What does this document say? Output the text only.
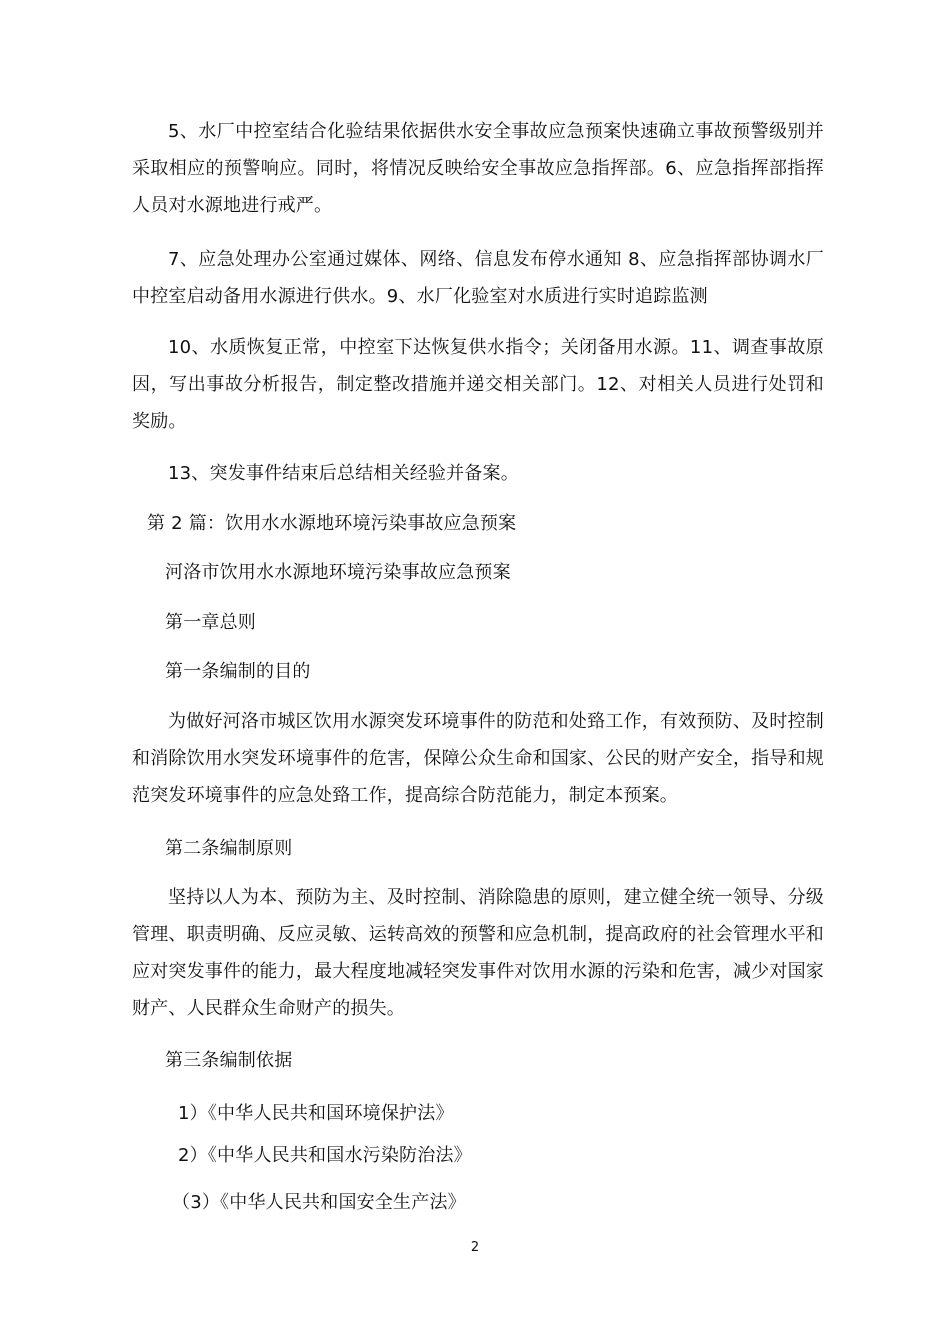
5、水厂中控室结合化验结果依据供水安全事故应急预案快速确立事故预警级别并采取相应的预警响应。同时，将情况反映给安全事故应急指挥部。6、应急指挥部指挥人员对水源地进行戒严。

7、应急处理办公室通过媒体、网络、信息发布停水通知 8、应急指挥部协调水厂中控室启动备用水源进行供水。9、水厂化验室对水质进行实时追踪监测

10、水质恢复正常，中控室下达恢复供水指令；关闭备用水源。11、调查事故原因，写出事故分析报告，制定整改措施并递交相关部门。12、对相关人员进行处罚和奖励。

13、突发事件结束后总结相关经验并备案。

第 2 篇：饮用水水源地环境污染事故应急预案

河洛市饮用水水源地环境污染事故应急预案

第一章总则

第一条编制的目的

为做好河洛市城区饮用水源突发环境事件的防范和处臵工作，有效预防、及时控制和消除饮用水突发环境事件的危害，保障公众生命和国家、公民的财产安全，指导和规范突发环境事件的应急处臵工作，提高综合防范能力，制定本预案。

第二条编制原则

坚持以人为本、预防为主、及时控制、消除隐患的原则，建立健全统一领导、分级管理、职责明确、反应灵敏、运转高效的预警和应急机制，提高政府的社会管理水平和应对突发事件的能力，最大程度地减轻突发事件对饮用水源的污染和危害，减少对国家财产、人民群众生命财产的损失。

第三条编制依据

1）《中华人民共和国环境保护法》

2）《中华人民共和国水污染防治法》

（3）《中华人民共和国安全生产法》

2
